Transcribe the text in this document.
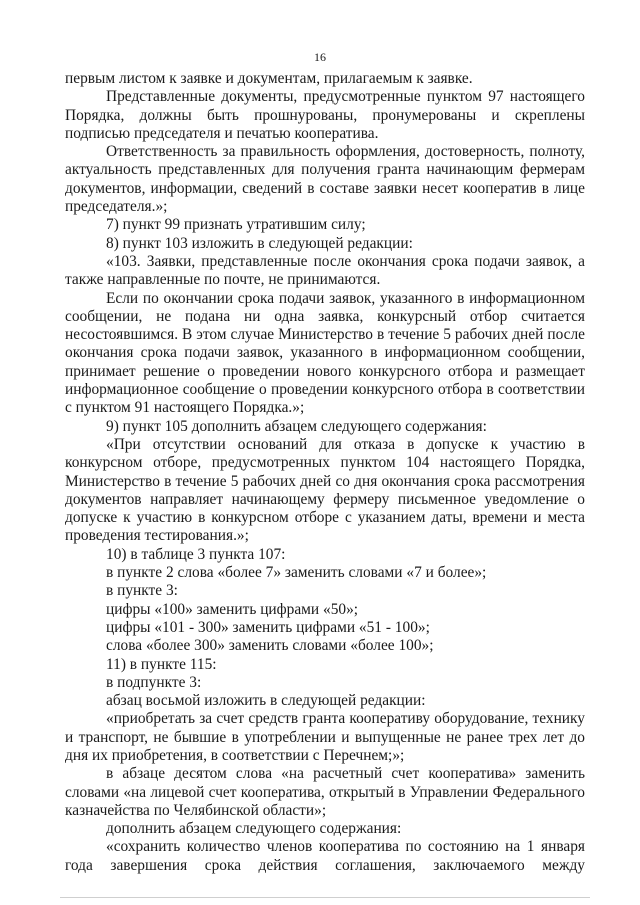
16

первым листом к заявке и документам, прилагаемым к заявке.

Представленные документы, предусмотренные пунктом 97 настоящего Порядка, должны быть прошнурованы, пронумерованы и скреплены подписью председателя и печатью кооператива.

Ответственность за правильность оформления, достоверность, полноту, актуальность представленных для получения гранта начинающим фермерам документов, информации, сведений в составе заявки несет кооператив в лице председателя.»;

7) пункт 99 признать утратившим силу;

8) пункт 103 изложить в следующей редакции:

«103. Заявки, представленные после окончания срока подачи заявок, а также направленные по почте, не принимаются.

Если по окончании срока подачи заявок, указанного в информационном сообщении, не подана ни одна заявка, конкурсный отбор считается несостоявшимся. В этом случае Министерство в течение 5 рабочих дней после окончания срока подачи заявок, указанного в информационном сообщении, принимает решение о проведении нового конкурсного отбора и размещает информационное сообщение о проведении конкурсного отбора в соответствии с пунктом 91 настоящего Порядка.»;

9) пункт 105 дополнить абзацем следующего содержания:

«При отсутствии оснований для отказа в допуске к участию в конкурсном отборе, предусмотренных пунктом 104 настоящего Порядка, Министерство в течение 5 рабочих дней со дня окончания срока рассмотрения документов направляет начинающему фермеру письменное уведомление о допуске к участию в конкурсном отборе с указанием даты, времени и места проведения тестирования.»;

10) в таблице 3 пункта 107:

в пункте 2 слова «более 7» заменить словами «7 и более»;

в пункте 3:

цифры «100» заменить цифрами «50»;

цифры «101 - 300» заменить цифрами «51 - 100»;

слова «более 300» заменить словами «более 100»;

11) в пункте 115:

в подпункте 3:

абзац восьмой изложить в следующей редакции:

«приобретать за счет средств гранта кооперативу оборудование, технику и транспорт, не бывшие в употреблении и выпущенные не ранее трех лет до дня их приобретения, в соответствии с Перечнем;»;

в абзаце десятом слова «на расчетный счет кооператива» заменить словами «на лицевой счет кооператива, открытый в Управлении Федерального казначейства по Челябинской области»;

дополнить абзацем следующего содержания:

«сохранить количество членов кооператива по состоянию на 1 января года завершения срока действия соглашения, заключаемого между
